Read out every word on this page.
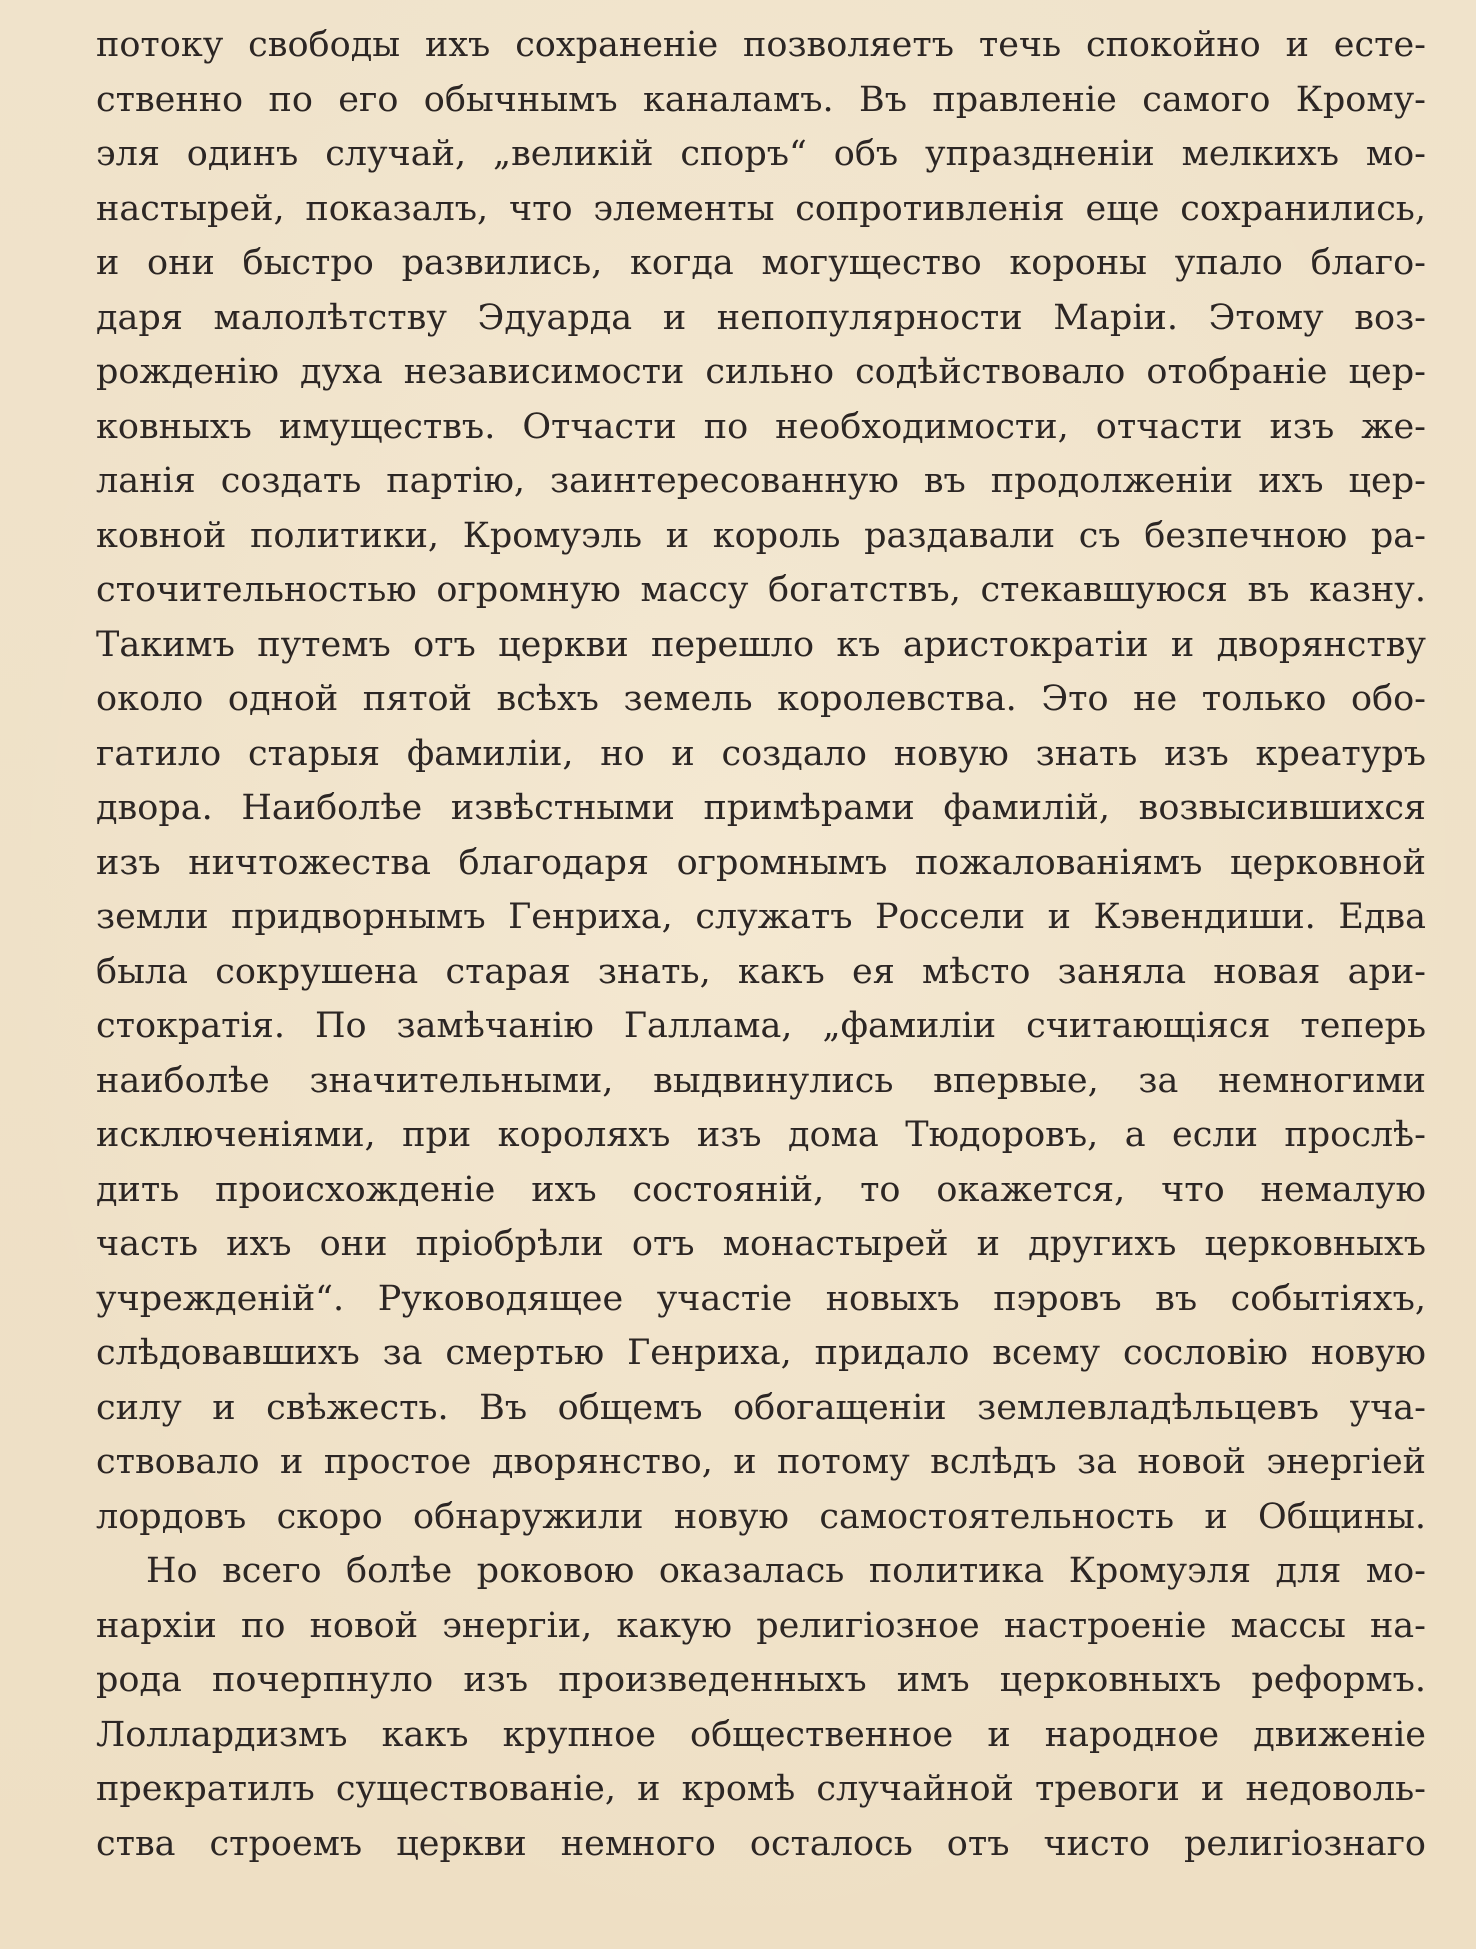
потоку свободы ихъ сохраненіе позволяетъ течь спокойно и есте-
ственно по его обычнымъ каналамъ. Въ правленіе самого Крому-
эля одинъ случай, „великій споръ“ объ упраздненіи мелкихъ мо-
настырей, показалъ, что элементы сопротивленія еще сохранились,
и они быстро развились, когда могущество короны упало благо-
даря малолѣтству Эдуарда и непопулярности Маріи. Этому воз-
рожденію духа независимости сильно содѣйствовало отобраніе цер-
ковныхъ имуществъ. Отчасти по необходимости, отчасти изъ же-
ланія создать партію, заинтересованную въ продолженіи ихъ цер-
ковной политики, Кромуэль и король раздавали съ безпечною ра-
сточительностью огромную массу богатствъ, стекавшуюся въ казну.
Такимъ путемъ отъ церкви перешло къ аристократіи и дворянству
около одной пятой всѣхъ земель королевства. Это не только обо-
гатило старыя фамиліи, но и создало новую знать изъ креатуръ
двора. Наиболѣе извѣстными примѣрами фамилій, возвысившихся
изъ ничтожества благодаря огромнымъ пожалованіямъ церковной
земли придворнымъ Генриха, служатъ Россели и Кэвендиши. Едва
была сокрушена старая знать, какъ ея мѣсто заняла новая ари-
стократія. По замѣчанію Галлама, „фамиліи считающіяся теперь
наиболѣе значительными, выдвинулись впервые, за немногими
исключеніями, при короляхъ изъ дома Тюдоровъ, а если прослѣ-
дить происхожденіе ихъ состояній, то окажется, что немалую
часть ихъ они пріобрѣли отъ монастырей и другихъ церковныхъ
учрежденій“. Руководящее участіе новыхъ пэровъ въ событіяхъ,
слѣдовавшихъ за смертью Генриха, придало всему сословію новую
силу и свѣжесть. Въ общемъ обогащеніи землевладѣльцевъ уча-
ствовало и простое дворянство, и потому вслѣдъ за новой энергіей
лордовъ скоро обнаружили новую самостоятельность и Общины.
Но всего болѣе роковою оказалась политика Кромуэля для мо-
нархіи по новой энергіи, какую религіозное настроеніе массы на-
рода почерпнуло изъ произведенныхъ имъ церковныхъ реформъ.
Лоллардизмъ какъ крупное общественное и народное движеніе
прекратилъ существованіе, и кромѣ случайной тревоги и недоволь-
ства строемъ церкви немного осталось отъ чисто религіознаго
